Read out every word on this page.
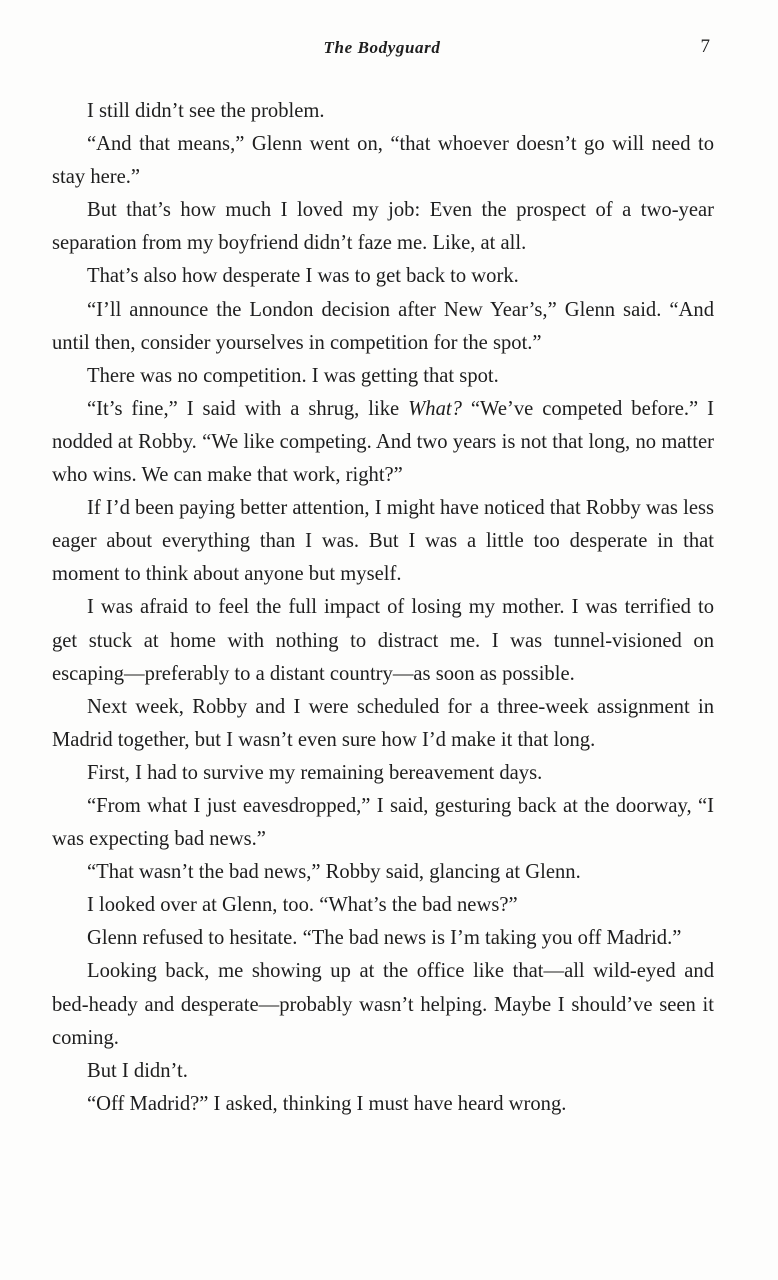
The Bodyguard	7

I still didn’t see the problem.

“And that means,” Glenn went on, “that whoever doesn’t go will need to stay here.”

But that’s how much I loved my job: Even the prospect of a two-year separation from my boyfriend didn’t faze me. Like, at all.

That’s also how desperate I was to get back to work.

“I’ll announce the London decision after New Year’s,” Glenn said. “And until then, consider yourselves in competition for the spot.”

There was no competition. I was getting that spot.

“It’s fine,” I said with a shrug, like What? “We’ve competed before.” I nodded at Robby. “We like competing. And two years is not that long, no matter who wins. We can make that work, right?”

If I’d been paying better attention, I might have noticed that Robby was less eager about everything than I was. But I was a little too desperate in that moment to think about anyone but myself.

I was afraid to feel the full impact of losing my mother. I was terrified to get stuck at home with nothing to distract me. I was tunnel-visioned on escaping—preferably to a distant country—as soon as possible.

Next week, Robby and I were scheduled for a three-week assignment in Madrid together, but I wasn’t even sure how I’d make it that long.

First, I had to survive my remaining bereavement days.

“From what I just eavesdropped,” I said, gesturing back at the doorway, “I was expecting bad news.”

“That wasn’t the bad news,” Robby said, glancing at Glenn.

I looked over at Glenn, too. “What’s the bad news?”

Glenn refused to hesitate. “The bad news is I’m taking you off Madrid.”

Looking back, me showing up at the office like that—all wild-eyed and bed-heady and desperate—probably wasn’t helping. Maybe I should’ve seen it coming.

But I didn’t.

“Off Madrid?” I asked, thinking I must have heard wrong.
